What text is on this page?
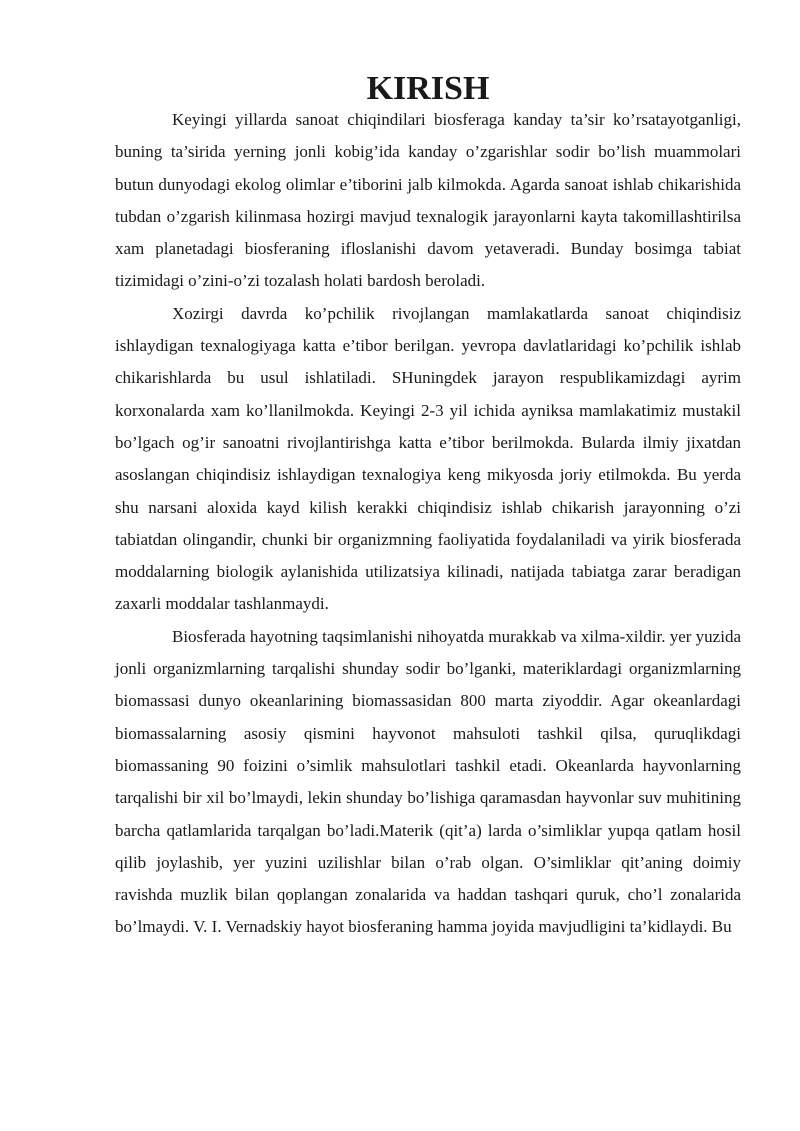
KIRISH

Keyingi yillarda sanoat chiqindilari biosferaga kanday ta’sir ko’rsatayotganligi, buning ta’sirida yerning jonli kobig’ida kanday o’zgarishlar sodir bo’lish muammolari butun dunyodagi ekolog olimlar e’tiborini jalb kilmokda. Agarda sanoat ishlab chikarishida tubdan o’zgarish kilinmasa hozirgi mavjud texnalogik jarayonlarni kayta takomillashtirilsa xam planetadagi biosferaning ifloslanishi davom yetaveradi. Bunday bosimga tabiat tizimidagi o’zini-o’zi tozalash holati bardosh beroladi.

Xozirgi davrda ko’pchilik rivojlangan mamlakatlarda sanoat chiqindisiz ishlaydigan texnalogiyaga katta e’tibor berilgan. yevropa davlatlaridagi ko’pchilik ishlab chikarishlarda bu usul ishlatiladi. SHuningdek jarayon respublikamizdagi ayrim korxonalarda xam ko’llanilmokda. Keyingi 2-3 yil ichida ayniksa mamlakatimiz mustakil bo’lgach og’ir sanoatni rivojlantirishga katta e’tibor berilmokda. Bularda ilmiy jixatdan asoslangan chiqindisiz ishlaydigan texnalogiya keng mikyosda joriy etilmokda. Bu yerda shu narsani aloxida kayd kilish kerakki chiqindisiz ishlab chikarish jarayonning o’zi tabiatdan olingandir, chunki bir organizmning faoliyatida foydalaniladi va yirik biosferada moddalarning biologik aylanishida utilizatsiya kilinadi, natijada tabiatga zarar beradigan zaxarli moddalar tashlanmaydi.

Biosferada hayotning taqsimlanishi nihoyatda murakkab va xilma-xildir. yer yuzida jonli organizmlarning tarqalishi shunday sodir bo’lganki, materiklardagi organizmlarning biomassasi dunyo okeanlarining biomassasidan 800 marta ziyoddir. Agar okeanlardagi biomassalarning asosiy qismini hayvonot mahsuloti tashkil qilsa, quruqlikdagi biomassaning 90 foizini o’simlik mahsulotlari tashkil etadi. Okeanlarda hayvonlarning tarqalishi bir xil bo’lmaydi, lekin shunday bo’lishiga qaramasdan hayvonlar suv muhitining barcha qatlamlarida tarqalgan bo’ladi.Materik (qit’a) larda o’simliklar yupqa qatlam hosil qilib joylashib, yer yuzini uzilishlar bilan o’rab olgan. O’simliklar qit’aning doimiy ravishda muzlik bilan qoplangan zonalarida va haddan tashqari quruk, cho’l zonalarida bo’lmaydi. V. I. Vernadskiy hayot biosferaning hamma joyida mavjudligini ta’kidlaydi. Bu
